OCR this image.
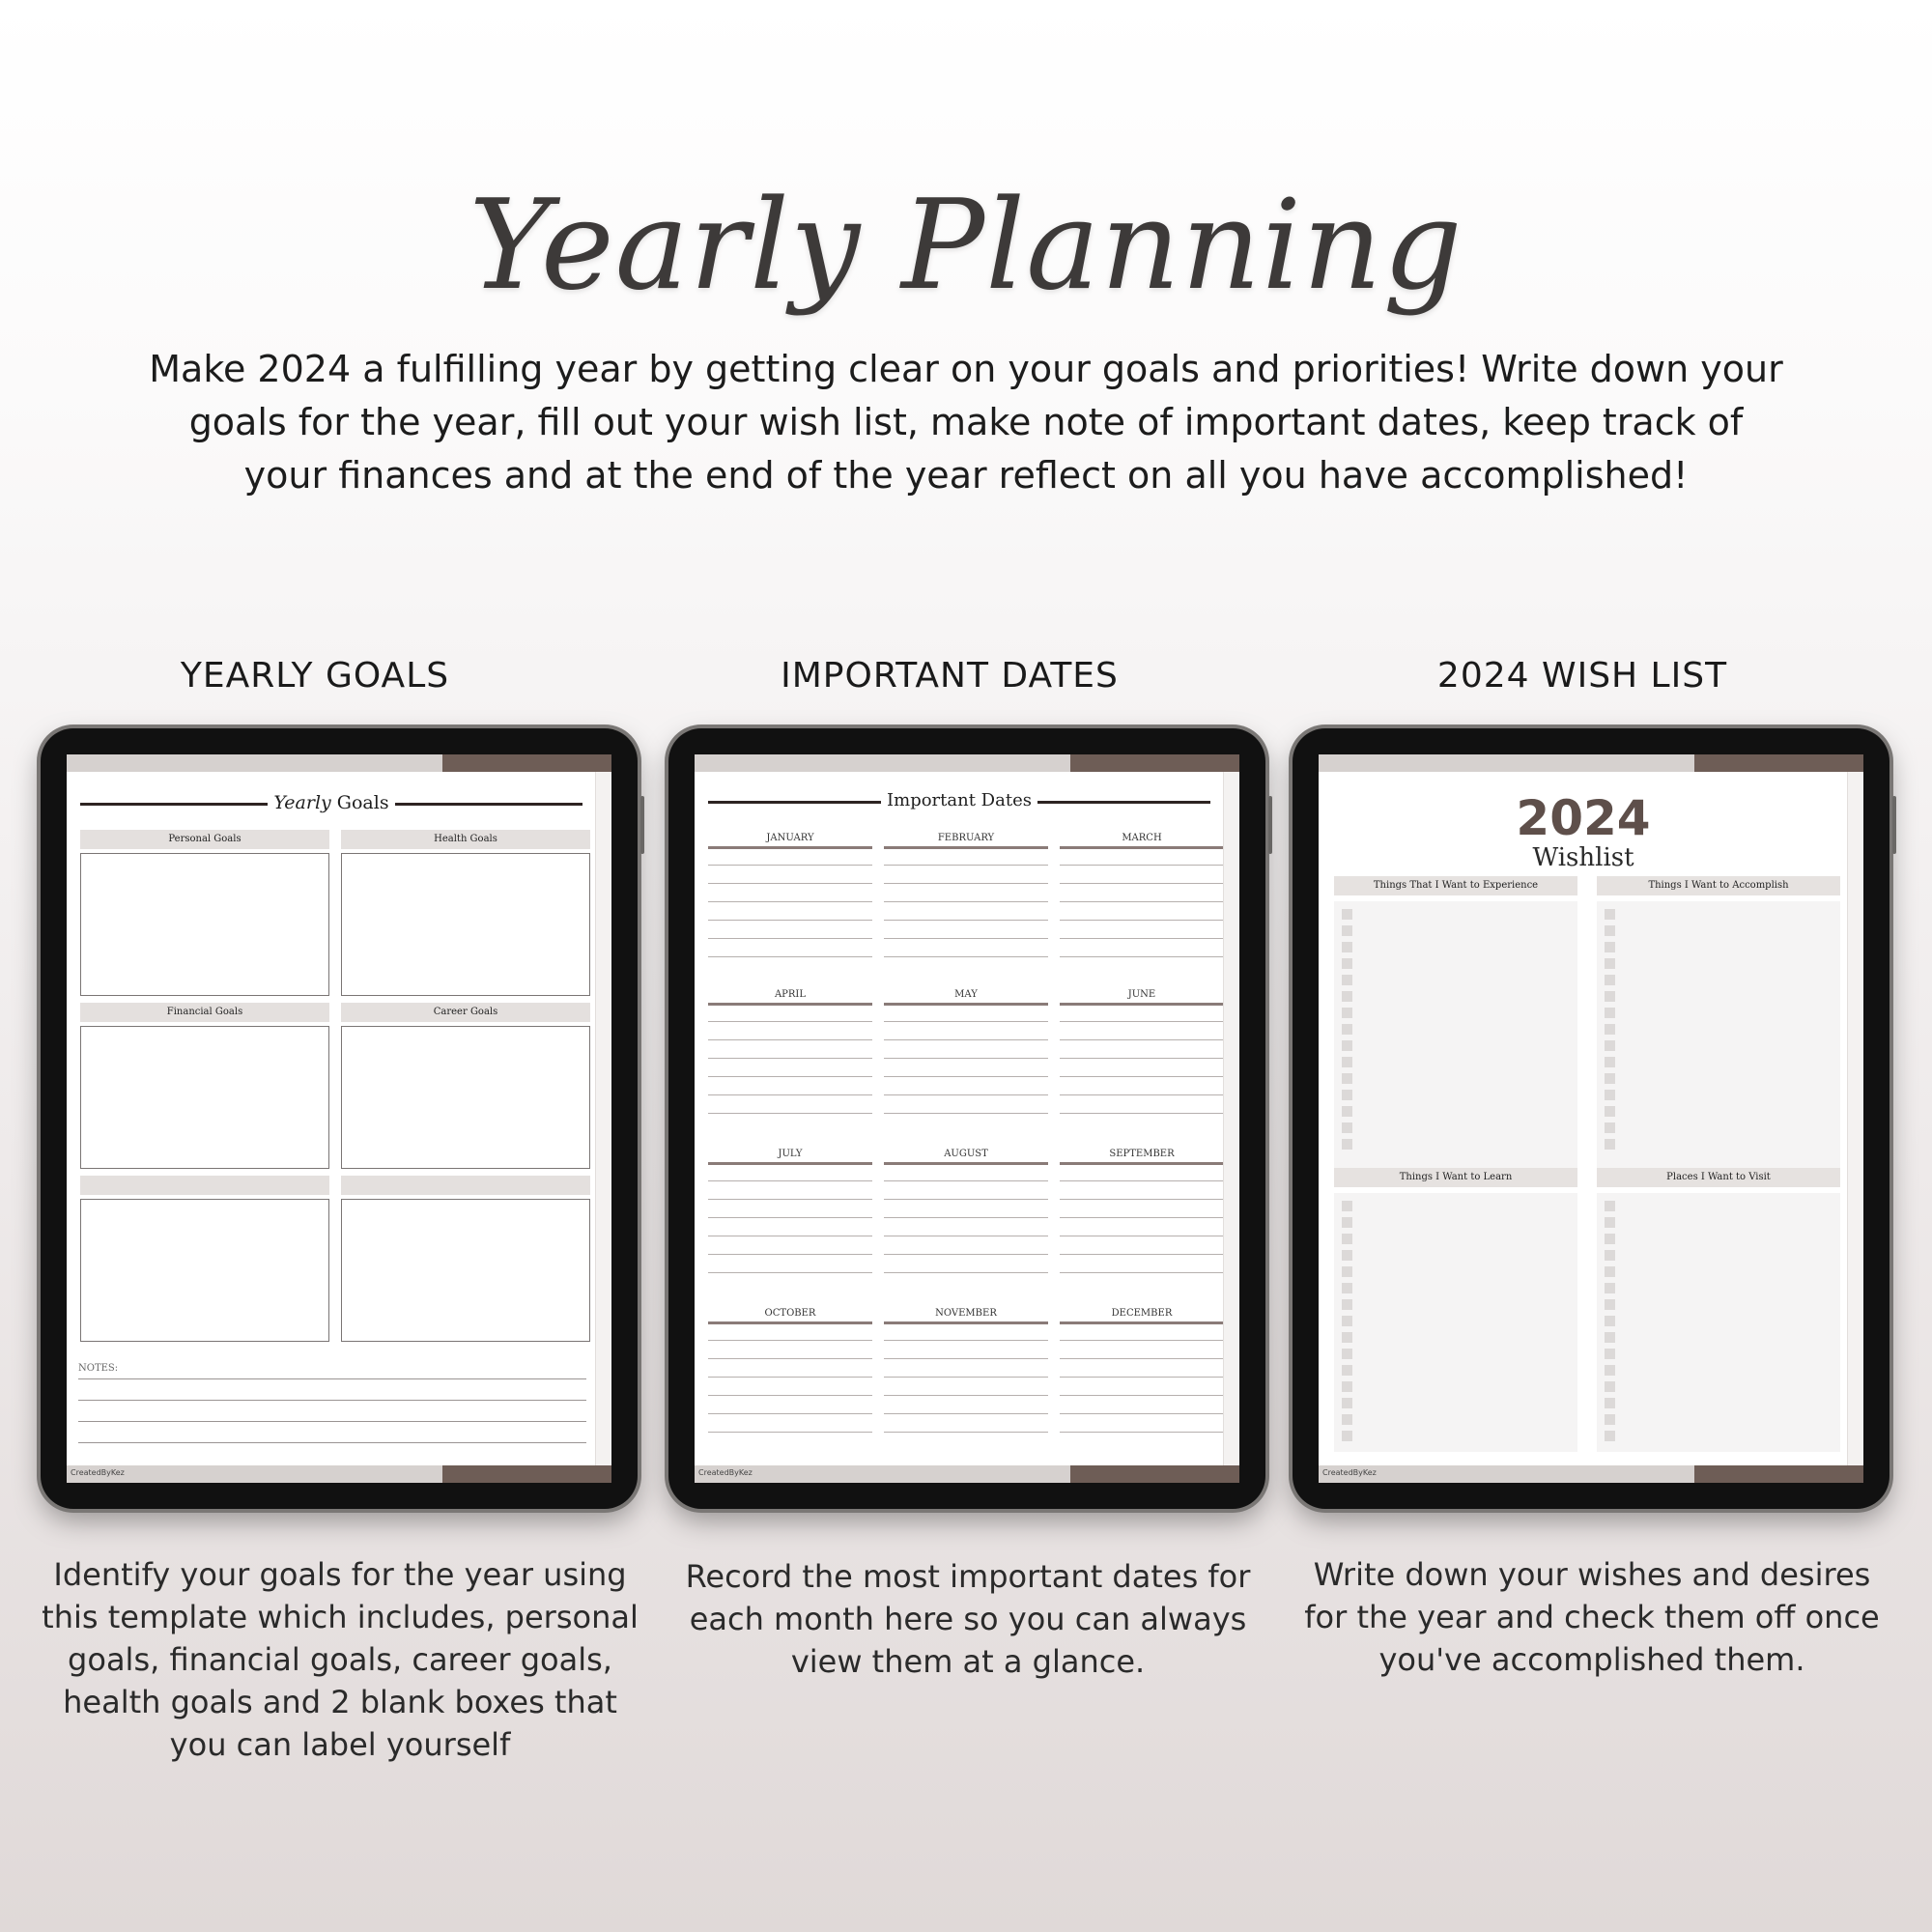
Yearly Planning
Make 2024 a fulfilling year by getting clear on your goals and priorities! Write down your goals for the year, fill out your wish list, make note of important dates, keep track of your finances and at the end of the year reflect on all you have accomplished!
YEARLY GOALS	IMPORTANT DATES	2024 WISH LIST
Yearly Goals
Personal Goals	Health Goals
Financial Goals	Career Goals
NOTES:
CreatedByKez
Important Dates
JANUARY	FEBRUARY	MARCH
APRIL	MAY	JUNE
JULY	AUGUST	SEPTEMBER
OCTOBER	NOVEMBER	DECEMBER
CreatedByKez
2024
Wishlist
Things That I Want to Experience	Things I Want to Accomplish
Things I Want to Learn	Places I Want to Visit
CreatedByKez
Identify your goals for the year using this template which includes, personal goals, financial goals, career goals, health goals and 2 blank boxes that you can label yourself
Record the most important dates for each month here so you can always view them at a glance.
Write down your wishes and desires for the year and check them off once you've accomplished them.
